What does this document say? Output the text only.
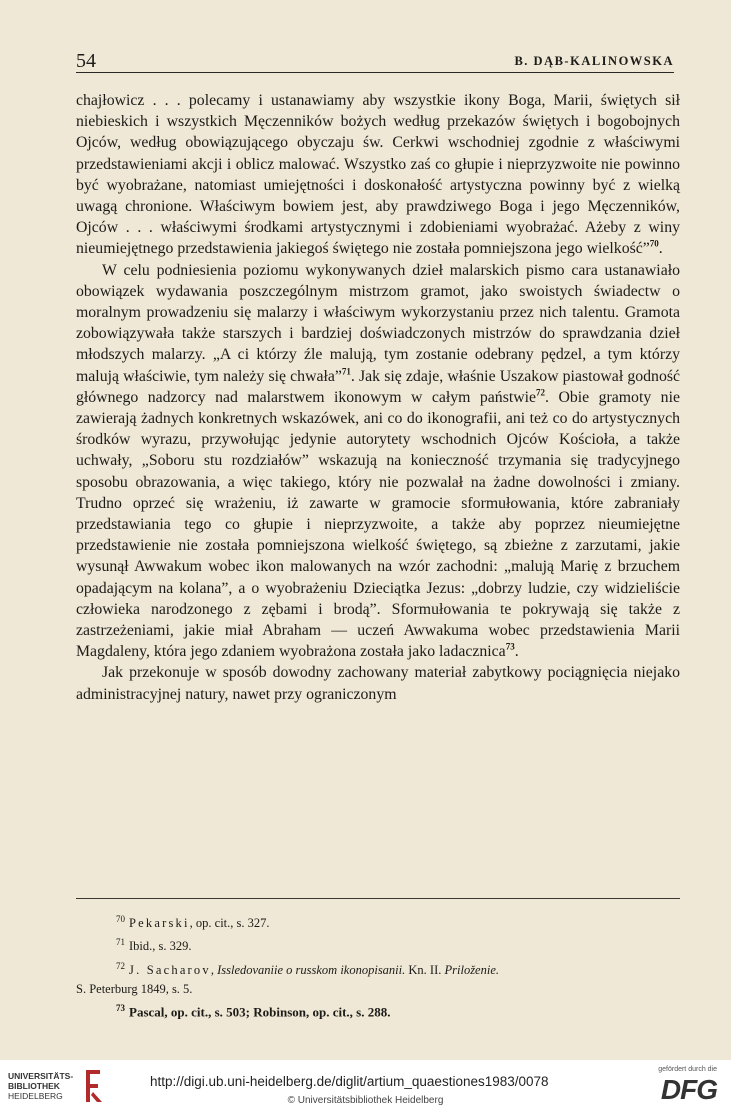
54	B. DĄB-KALINOWSKA

chajłowicz . . . polecamy i ustanawiamy aby wszystkie ikony Boga, Marii, świętych sił niebieskich i wszystkich Męczenników bożych według przekazów świętych i bogobojnych Ojców, według obowiązującego obyczaju św. Cerkwi wschodniej zgodnie z właściwymi przedstawieniami akcji i oblicz malować. Wszystko zaś co głupie i nieprzyzwoite nie powinno być wyobrażane, natomiast umiejętności i doskonałość artystyczna powinny być z wielką uwagą chronione. Właściwym bowiem jest, aby prawdziwego Boga i jego Męczenników, Ojców . . . właściwymi środkami artystycznymi i zdobieniami wyobrażać. Ażeby z winy nieumiejętnego przedstawienia jakiegoś świętego nie została pomniejszona jego wielkość”$^{70}$.

W celu podniesienia poziomu wykonywanych dzieł malarskich pismo cara ustanawiało obowiązek wydawania poszczególnym mistrzom gramot, jako swoistych świadectw o moralnym prowadzeniu się malarzy i właściwym wykorzystaniu przez nich talentu. Gramota zobowiązywała także starszych i bardziej doświadczonych mistrzów do sprawdzania dzieł młodszych malarzy. „A ci którzy źle malują, tym zostanie odebrany pędzel, a tym którzy malują właściwie, tym należy się chwała”$^{71}$. Jak się zdaje, właśnie Uszakow piastował godność głównego nadzorcy nad malarstwem ikonowym w całym państwie$^{72}$. Obie gramoty nie zawierają żadnych konkretnych wskazówek, ani co do ikonografii, ani też co do artystycznych środków wyrazu, przywołując jedynie autorytety wschodnich Ojców Kościoła, a także uchwały, „Soboru stu rozdziałów” wskazują na konieczność trzymania się tradycyjnego sposobu obrazowania, a więc takiego, który nie pozwalał na żadne dowolności i zmiany. Trudno oprzeć się wrażeniu, iż zawarte w gramocie sformułowania, które zabraniały przedstawiania tego co głupie i nieprzyzwoite, a także aby poprzez nieumiejętne przedstawienie nie została pomniejszona wielkość świętego, są zbieżne z zarzutami, jakie wysunął Awwakum wobec ikon malowanych na wzór zachodni: „malują Marię z brzuchem opadającym na kolana”, a o wyobrażeniu Dzieciątka Jezus: „dobrzy ludzie, czy widzieliście człowieka narodzonego z zębami i brodą”. Sformułowania te pokrywają się także z zastrzeżeniami, jakie miał Abraham — uczeń Awwakuma wobec przedstawienia Marii Magdaleny, która jego zdaniem wyobrażona została jako ladacznica$^{73}$.

Jak przekonuje w sposób dowodny zachowany materiał zabytkowy pociągnięcia niejako administracyjnej natury, nawet przy ograniczonym

$^{70}$ Pekarski, op. cit., s. 327.
$^{71}$ Ibid., s. 329.
$^{72}$ J. Sacharov, Issledovaniie o russkom ikonopisanii. Kn. II. Priloženie.
S. Peterburg 1849, s. 5.
$^{73}$ Pascal, op. cit., s. 503; Robinson, op. cit., s. 288.
UNIVERSITÄTS-
BIBLIOTHEK
HEIDELBERG
http://digi.ub.uni-heidelberg.de/diglit/artium_quaestiones1983/0078
© Universitätsbibliothek Heidelberg
gefördert durch die
DFG
